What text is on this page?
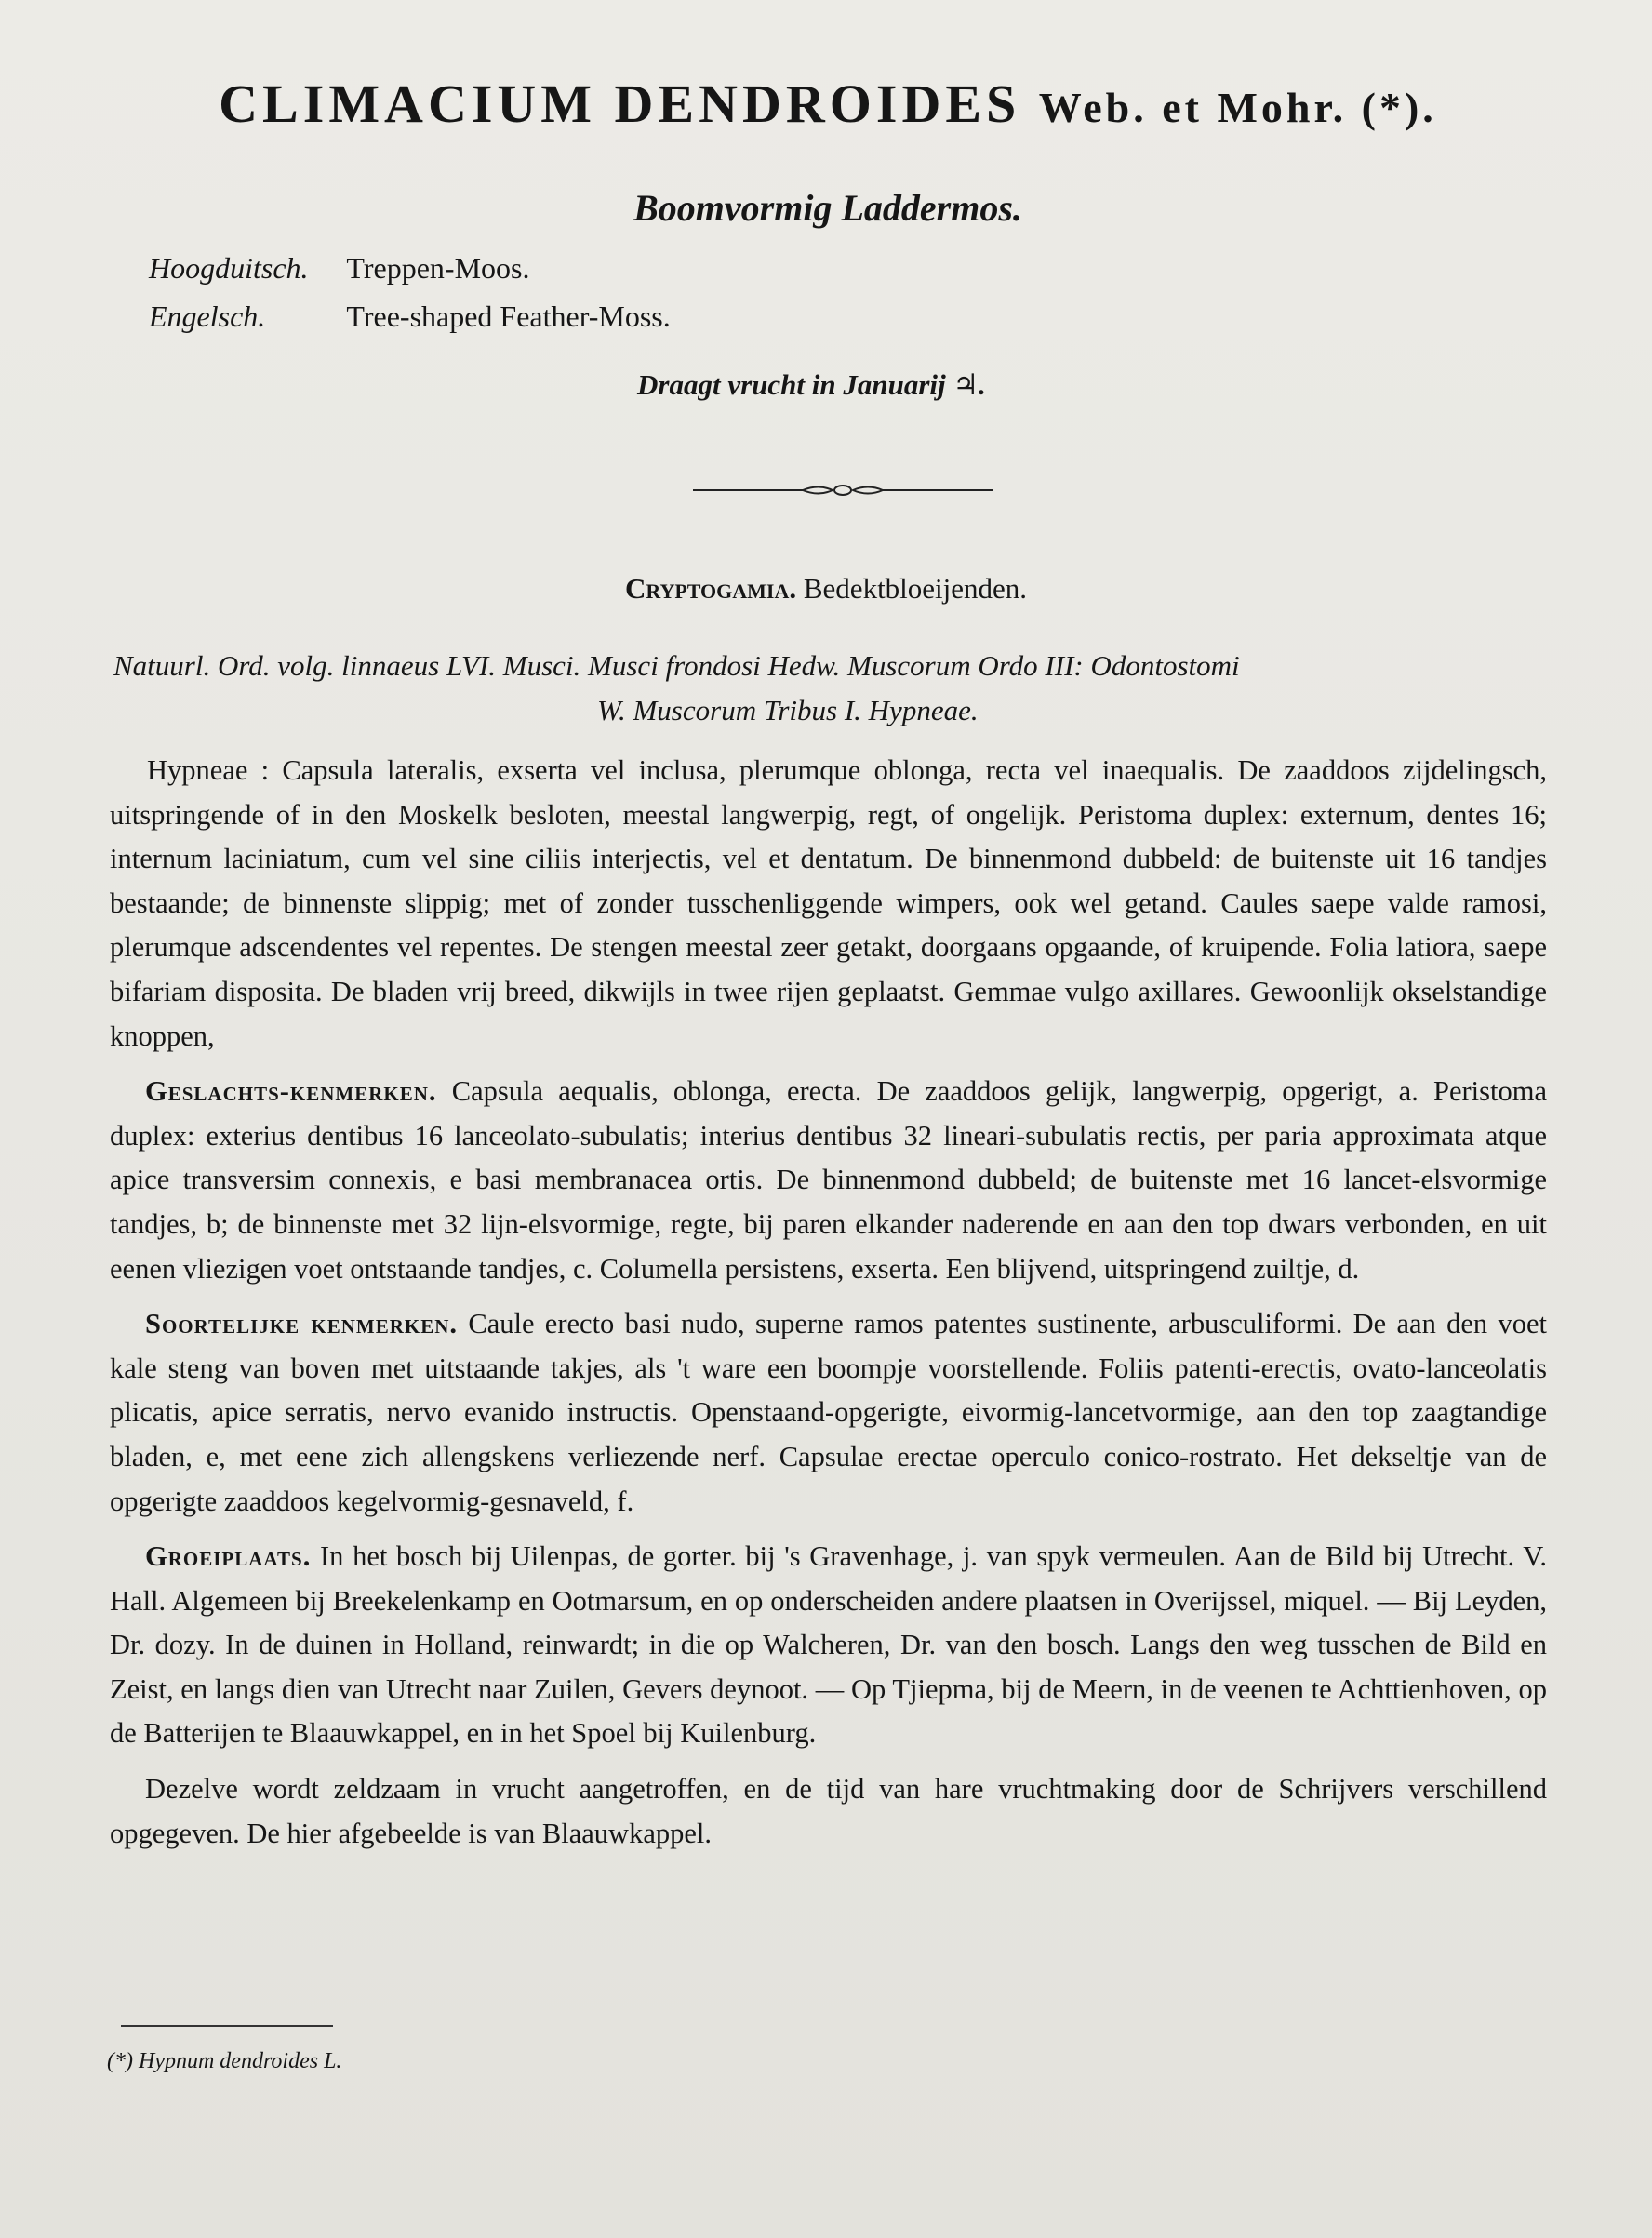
CLIMACIUM DENDROIDES Web. et Mohr. (*).
Boomvormig Laddermos.
Hoogduitsch. Treppen-Moos.
Engelsch.	Tree-shaped Feather-Moss.
Draagt vrucht in Januarij ♃.
Cryptogamia. Bedektbloeijenden.
Natuurl. Ord. volg. linnaeus LVI. Musci. Musci frondosi Hedw. Muscorum Ordo III: Odontostomi
W. Muscorum Tribus I. Hypneae.

Hypneae : Capsula lateralis, exserta vel inclusa, plerumque oblonga, recta vel inaequalis. De zaaddoos zijdelingsch, uitspringende of in den Moskelk besloten, meestal langwerpig, regt, of ongelijk. Peristoma duplex: externum, dentes 16; internum laciniatum, cum vel sine ciliis interjectis, vel et dentatum. De binnenmond dubbeld: de buitenste uit 16 tandjes bestaande; de binnenste slippig; met of zonder tusschenliggende wimpers, ook wel getand. Caules saepe valde ramosi, plerumque adscendentes vel repentes. De stengen meestal zeer getakt, doorgaans opgaande, of kruipende. Folia latiora, saepe bifariam disposita. De bladen vrij breed, dikwijls in twee rijen geplaatst. Gemmae vulgo axillares. Gewoonlijk okselstandige knoppen,

Geslachts-kenmerken. Capsula aequalis, oblonga, erecta. De zaaddoos gelijk, langwerpig, opgerigt, a. Peristoma duplex: exterius dentibus 16 lanceolato-subulatis; interius dentibus 32 lineari-subulatis rectis, per paria approximata atque apice transversim connexis, e basi membranacea ortis. De binnenmond dubbeld; de buitenste met 16 lancet-elsvormige tandjes, b; de binnenste met 32 lijn-elsvormige, regte, bij paren elkander naderende en aan den top dwars verbonden, en uit eenen vliezigen voet ontstaande tandjes, c. Columella persistens, exserta. Een blijvend, uitspringend zuiltje, d.

Soortelijke kenmerken. Caule erecto basi nudo, superne ramos patentes sustinente, arbusculiformi. De aan den voet kale steng van boven met uitstaande takjes, als 't ware een boompje voorstellende. Foliis patenti-erectis, ovato-lanceolatis plicatis, apice serratis, nervo evanido instructis. Openstaand-opgerigte, eivormig-lancetvormige, aan den top zaagtandige bladen, e, met eene zich allengskens verliezende nerf. Capsulae erectae operculo conico-rostrato. Het dekseltje van de opgerigte zaaddoos kegelvormig-gesnaveld, f.

Groeiplaats. In het bosch bij Uilenpas, de gorter. bij 's Gravenhage, j. van spyk vermeulen. Aan de Bild bij Utrecht. V. Hall. Algemeen bij Breekelenkamp en Ootmarsum, en op onderscheiden andere plaatsen in Overijssel, miquel. — Bij Leyden, Dr. dozy. In de duinen in Holland, reinwardt; in die op Walcheren, Dr. van den bosch. Langs den weg tusschen de Bild en Zeist, en langs dien van Utrecht naar Zuilen, Gevers deynoot. — Op Tjiepma, bij de Meern, in de veenen te Achttienhoven, op de Batterijen te Blaauwkappel, en in het Spoel bij Kuilenburg.

Dezelve wordt zeldzaam in vrucht aangetroffen, en de tijd van hare vruchtmaking door de Schrijvers verschillend opgegeven. De hier afgebeelde is van Blaauwkappel.

(*) Hypnum dendroides L.
